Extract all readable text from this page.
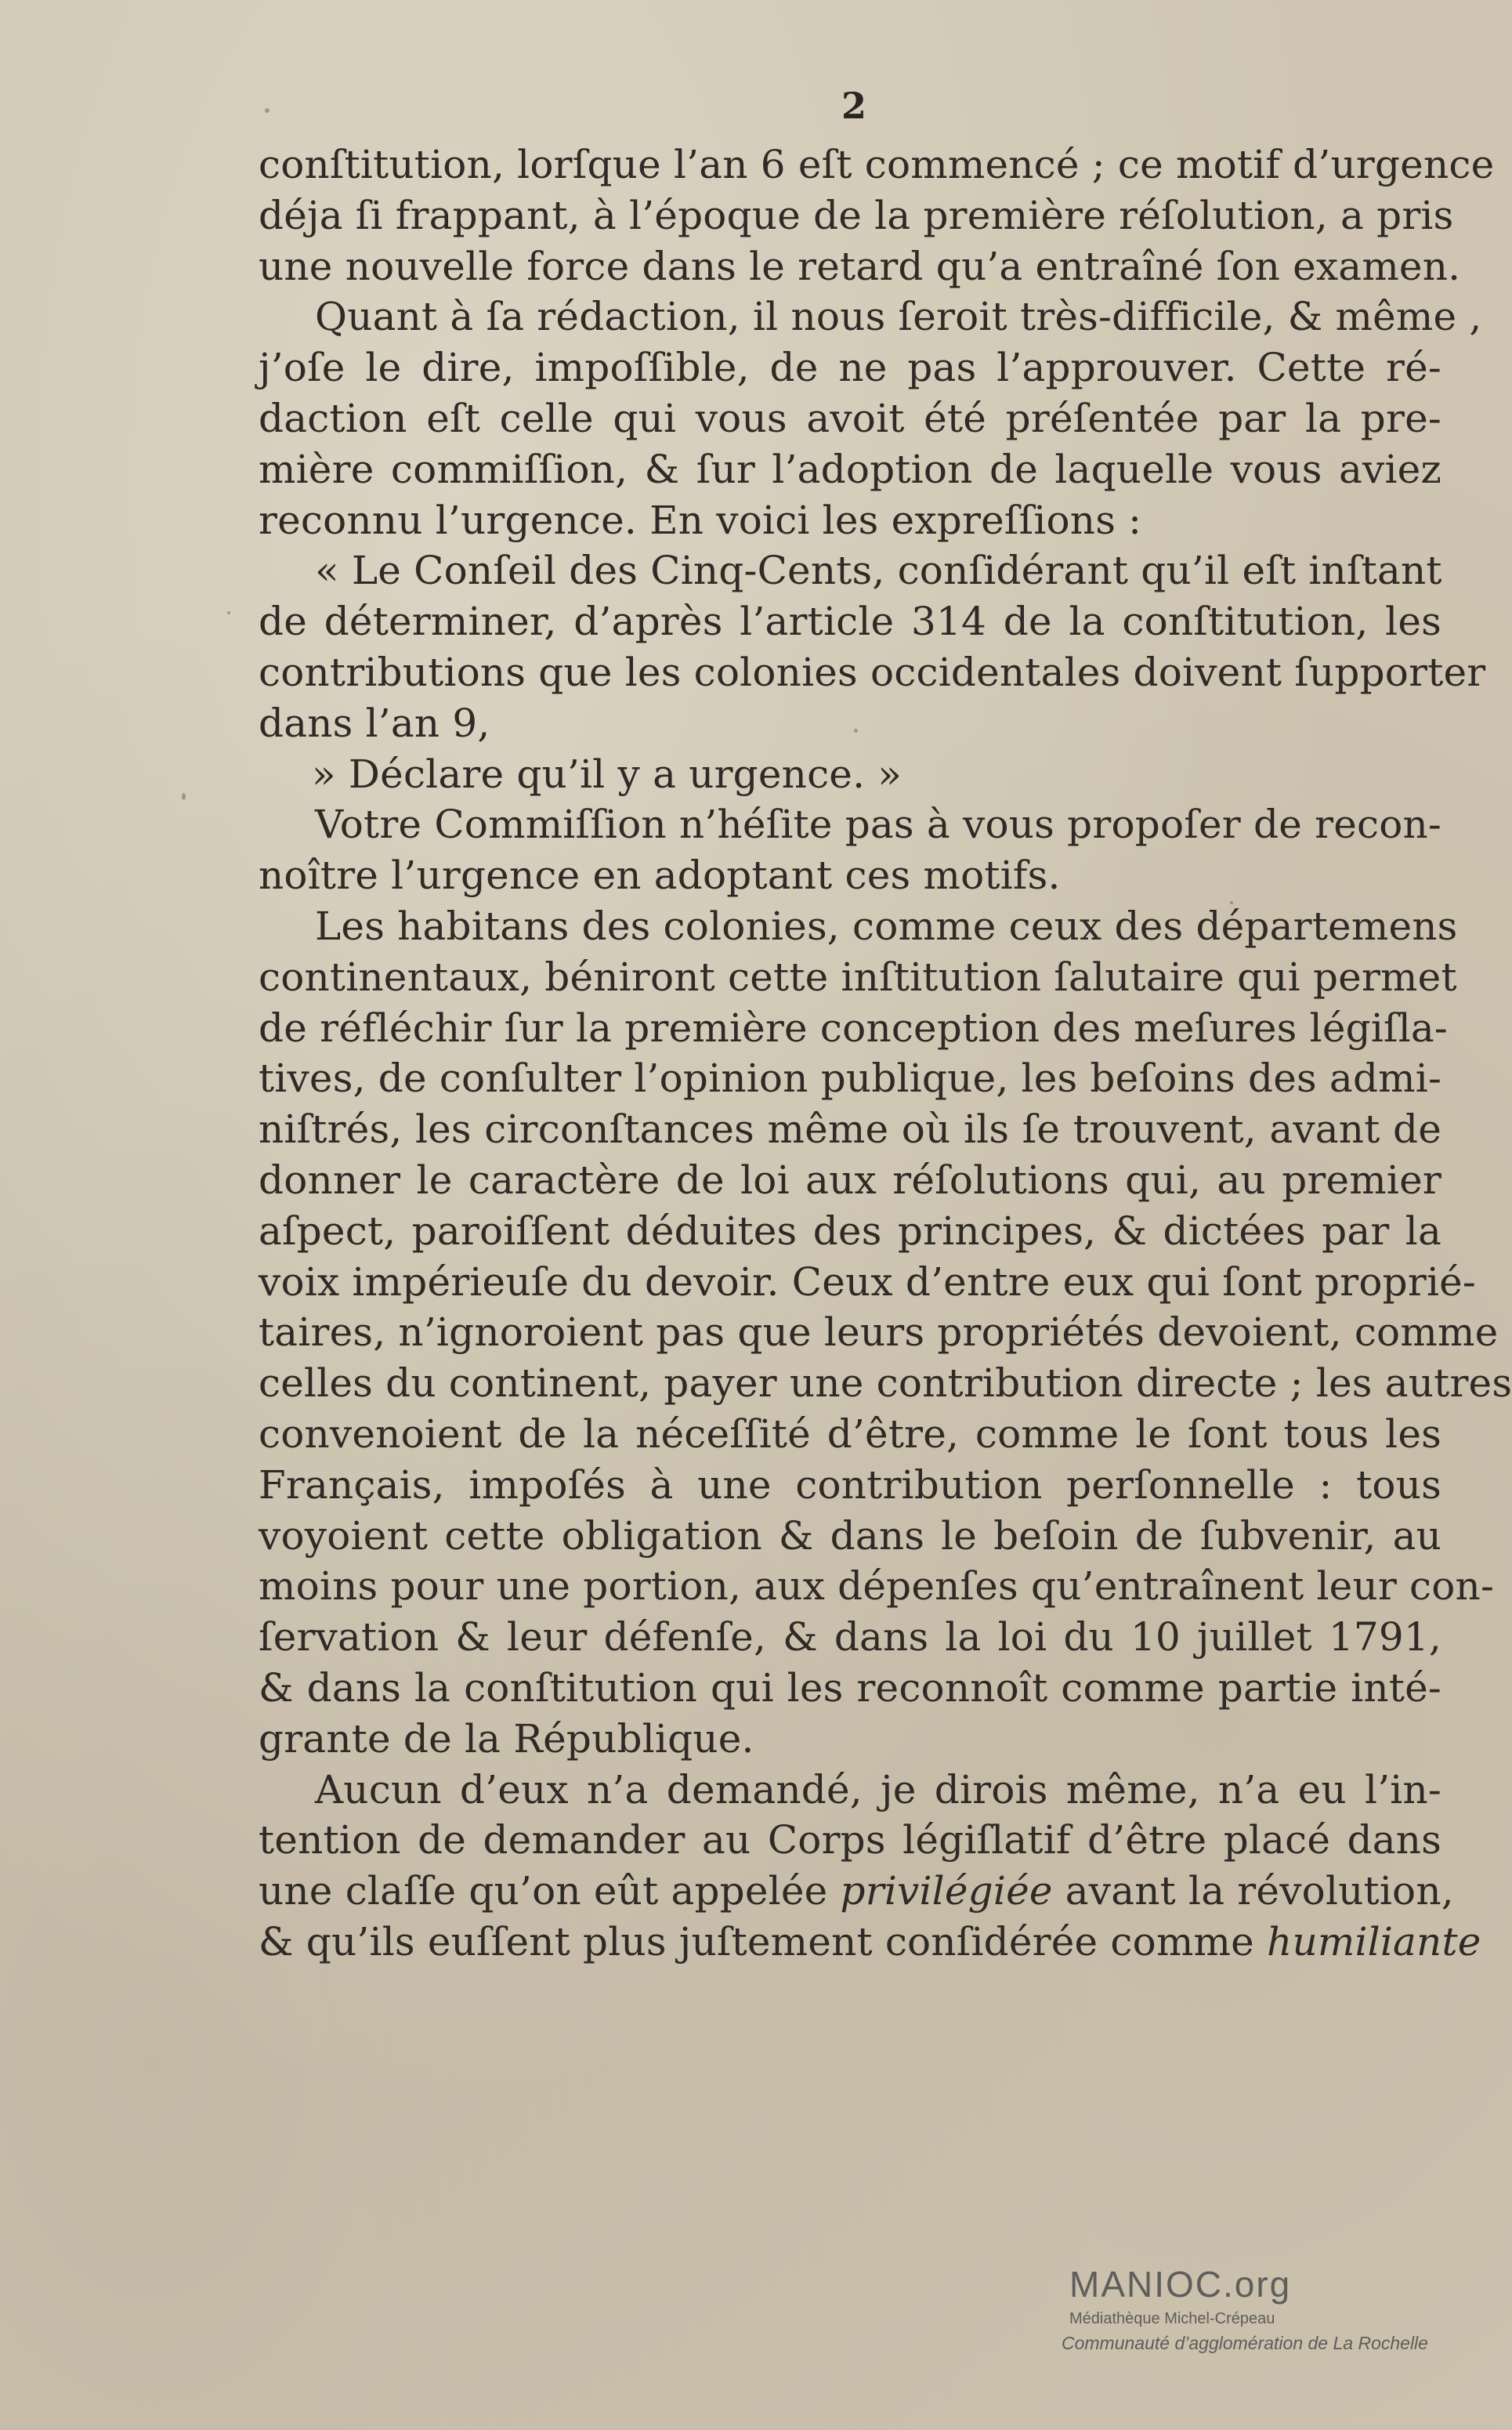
2
conſtitution, lorſque l’an 6 eſt commencé ; ce motif d’urgence
déja ſi frappant, à l’époque de la première réſolution, a pris
une nouvelle force dans le retard qu’a entraîné ſon examen.
Quant à ſa rédaction, il nous ſeroit très-difficile, & même ,
j’oſe le dire, impoſſible, de ne pas l’approuver. Cette ré-
daction eſt celle qui vous avoit été préſentée par la pre-
mière commiſſion, & ſur l’adoption de laquelle vous aviez
reconnu l’urgence. En voici les expreſſions :
« Le Conſeil des Cinq-Cents, conſidérant qu’il eſt inſtant
de déterminer, d’après l’article 314 de la conſtitution, les
contributions que les colonies occidentales doivent ſupporter
dans l’an 9,
» Déclare qu’il y a urgence. »
Votre Commiſſion n’héſite pas à vous propoſer de recon-
noître l’urgence en adoptant ces motifs.
Les habitans des colonies, comme ceux des départemens
continentaux, béniront cette inſtitution ſalutaire qui permet
de réfléchir ſur la première conception des meſures légiſla-
tives, de conſulter l’opinion publique, les beſoins des admi-
niſtrés, les circonſtances même où ils ſe trouvent, avant de
donner le caractère de loi aux réſolutions qui, au premier
aſpect, paroiſſent déduites des principes, & dictées par la
voix impérieuſe du devoir. Ceux d’entre eux qui ſont proprié-
taires, n’ignoroient pas que leurs propriétés devoient, comme
celles du continent, payer une contribution directe ; les autres
convenoient de la néceſſité d’être, comme le ſont tous les
Français, impoſés à une contribution perſonnelle : tous
voyoient cette obligation & dans le beſoin de ſubvenir, au
moins pour une portion, aux dépenſes qu’entraînent leur con-
ſervation & leur défenſe, & dans la loi du 10 juillet 1791,
& dans la conſtitution qui les reconnoît comme partie inté-
grante de la République.
Aucun d’eux n’a demandé, je dirois même, n’a eu l’in-
tention de demander au Corps légiſlatif d’être placé dans
une claſſe qu’on eût appelée privilégiée avant la révolution,
& qu’ils euſſent plus juſtement conſidérée comme humiliante
MANIOC.org
Médiathèque Michel-Crépeau
Communauté d’agglomération de La Rochelle
